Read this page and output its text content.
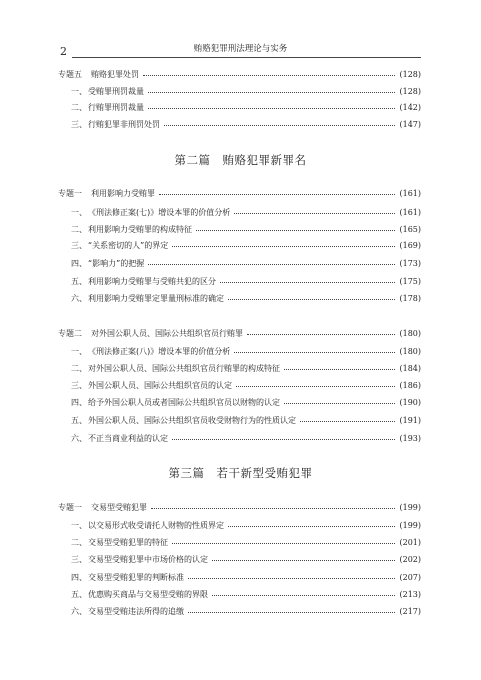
2	贿赂犯罪刑法理论与实务
专题五 贿赂犯罪处罚	(128)
一、 受贿罪刑罚裁量	(128)
二、 行贿罪刑罚裁量	(142)
三、 行贿犯罪非刑罚处罚	(147)
第二篇　贿赂犯罪新罪名
专题一 利用影响力受贿罪	(161)
一、 《刑法修正案(七)》增设本罪的价值分析	(161)
二、 利用影响力受贿罪的构成特征	(165)
三、 “关系密切的人”的界定	(169)
四、 “影响力”的把握	(173)
五、 利用影响力受贿罪与受贿共犯的区分	(175)
六、 利用影响力受贿罪定罪量刑标准的确定	(178)
专题二 对外国公职人员、国际公共组织官员行贿罪	(180)
一、 《刑法修正案(八)》增设本罪的价值分析	(180)
二、 对外国公职人员、国际公共组织官员行贿罪的构成特征	(184)
三、 外国公职人员、国际公共组织官员的认定	(186)
四、 给予外国公职人员或者国际公共组织官员以财物的认定	(190)
五、 外国公职人员、国际公共组织官员收受财物行为的性质认定	(191)
六、 不正当商业利益的认定	(193)
第三篇　若干新型受贿犯罪
专题一 交易型受贿犯罪	(199)
一、 以交易形式收受请托人财物的性质界定	(199)
二、 交易型受贿犯罪的特征	(201)
三、 交易型受贿犯罪中市场价格的认定	(202)
四、 交易型受贿犯罪的判断标准	(207)
五、 优惠购买商品与交易型受贿的界限	(213)
六、 交易型受贿违法所得的追缴	(217)
